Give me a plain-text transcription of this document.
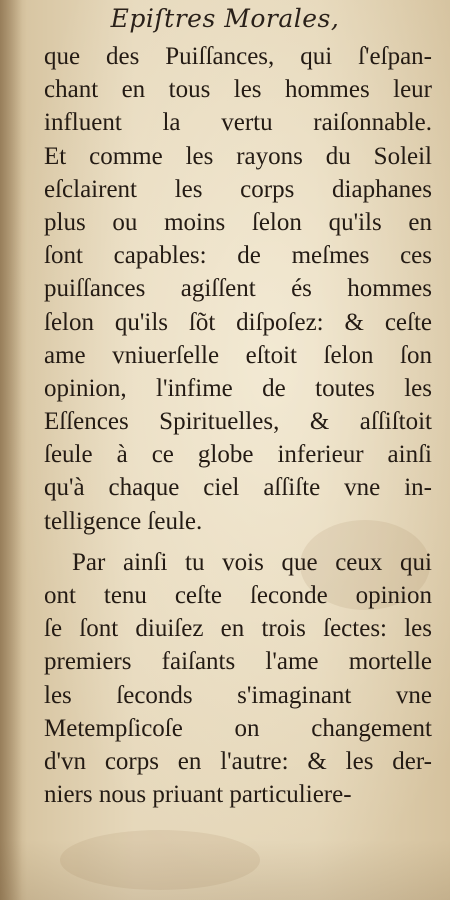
Epiſtres Morales,
que des Puiſſances, qui ſ'eſpan-
chant en tous les hommes leur
influent la vertu raiſonnable.
Et comme les rayons du Soleil
eſclairent les corps diaphanes
plus ou moins ſelon qu'ils en
ſont capables: de meſmes ces
puiſſances agiſſent és hommes
ſelon qu'ils ſõt diſpoſez: & ceſte
ame vniuerſelle eſtoit ſelon ſon
opinion, l'infime de toutes les
Eſſences Spirituelles, & aſſiſtoit
ſeule à ce globe inferieur ainſi
qu'à chaque ciel aſſiſte vne in-
telligence ſeule.
Par ainſi tu vois que ceux qui
ont tenu ceſte ſeconde opinion
ſe ſont diuiſez en trois ſectes: les
premiers faiſants l'ame mortelle
les ſeconds s'imaginant vne
Metempſicoſe on changement
d'vn corps en l'autre: & les der-
niers nous priuant particuliere-
